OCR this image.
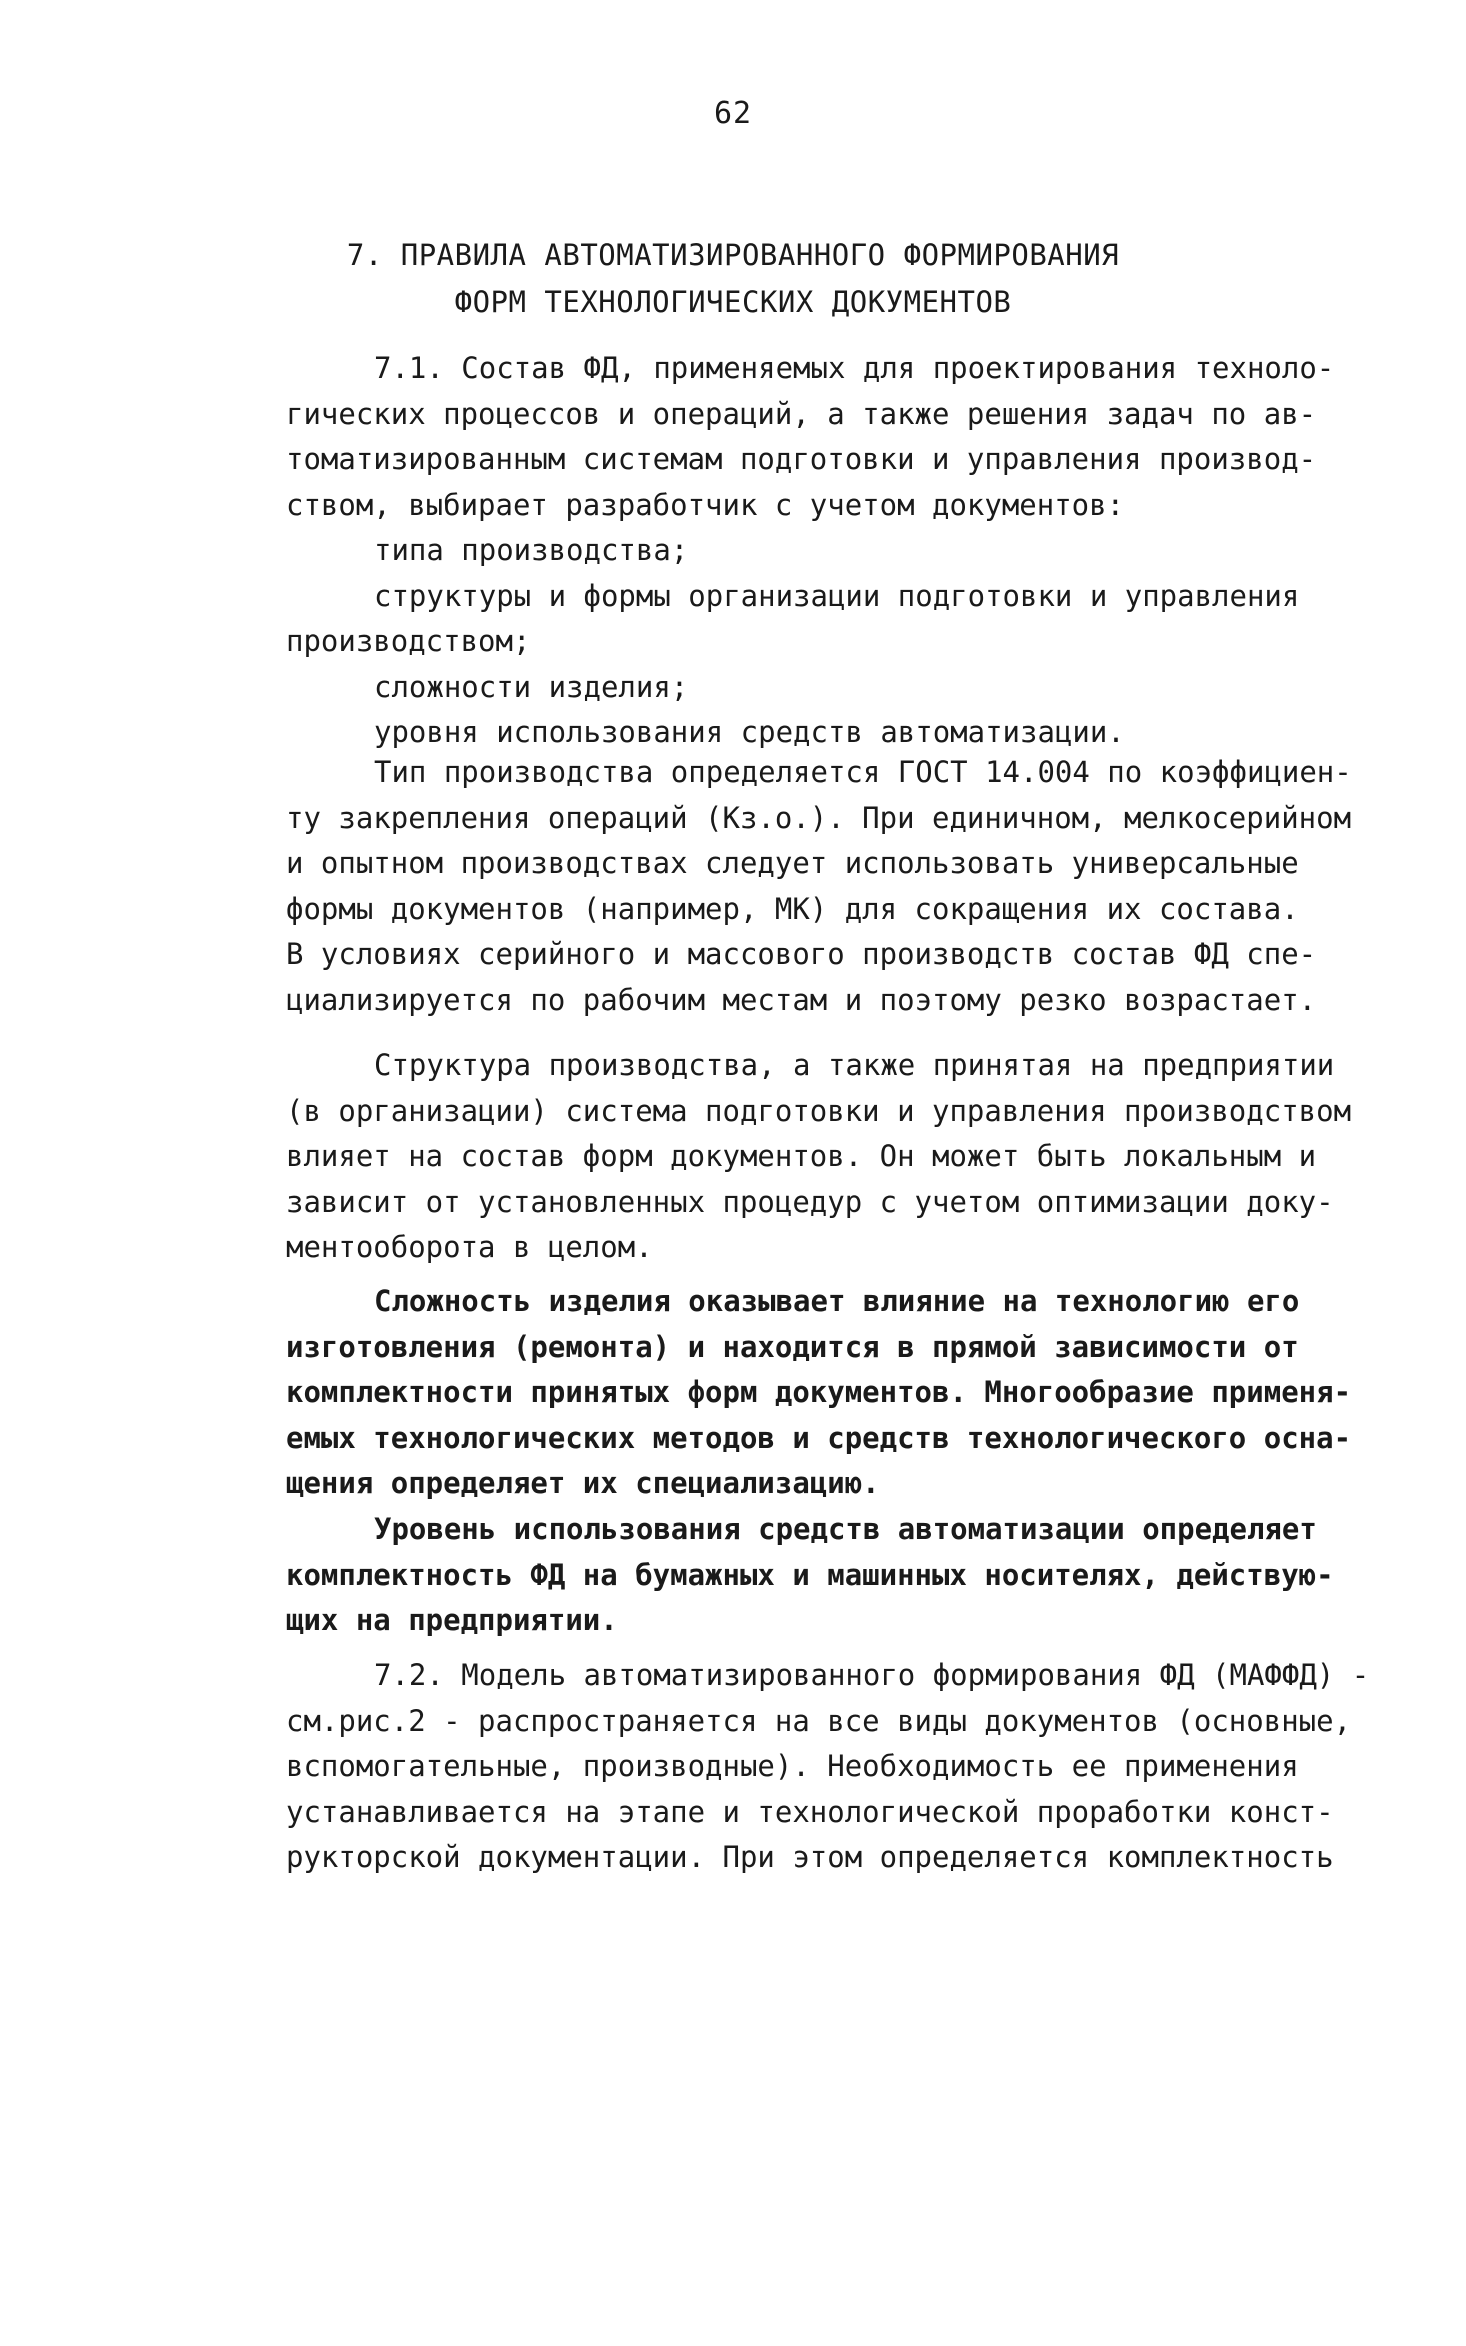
62
7. ПРАВИЛА АВТОМАТИЗИРОВАННОГО ФОРМИРОВАНИЯ
ФОРМ ТЕХНОЛОГИЧЕСКИХ ДОКУМЕНТОВ
7.1. Состав ФД, применяемых для проектирования техноло-
гических процессов и операций, а также решения задач по ав-
томатизированным системам подготовки и управления производ-
ством, выбирает разработчик с учетом документов:
типа производства;
структуры и формы организации подготовки и управления
производством;
сложности изделия;
уровня использования средств автоматизации.
Тип производства определяется ГОСТ 14.004 по коэффициен-
ту закрепления операций (Кз.о.). При единичном, мелкосерийном
и опытном производствах следует использовать универсальные
формы документов (например, МК) для сокращения их состава.
В условиях серийного и массового производств состав ФД спе-
циализируется по рабочим местам и поэтому резко возрастает.
Структура производства, а также принятая на предприятии
(в организации) система подготовки и управления производством
влияет на состав форм документов. Он может быть локальным и
зависит от установленных процедур с учетом оптимизации доку-
ментооборота в целом.
Сложность изделия оказывает влияние на технологию его
изготовления (ремонта) и находится в прямой зависимости от
комплектности принятых форм документов. Многообразие применя-
емых технологических методов и средств технологического осна-
щения определяет их специализацию.
Уровень использования средств автоматизации определяет
комплектность ФД на бумажных и машинных носителях, действую-
щих на предприятии.
7.2. Модель автоматизированного формирования ФД (МАФФД) -
см.рис.2 - распространяется на все виды документов (основные,
вспомогательные, производные). Необходимость ее применения
устанавливается на этапе и технологической проработки конст-
рукторской документации. При этом определяется комплектность
